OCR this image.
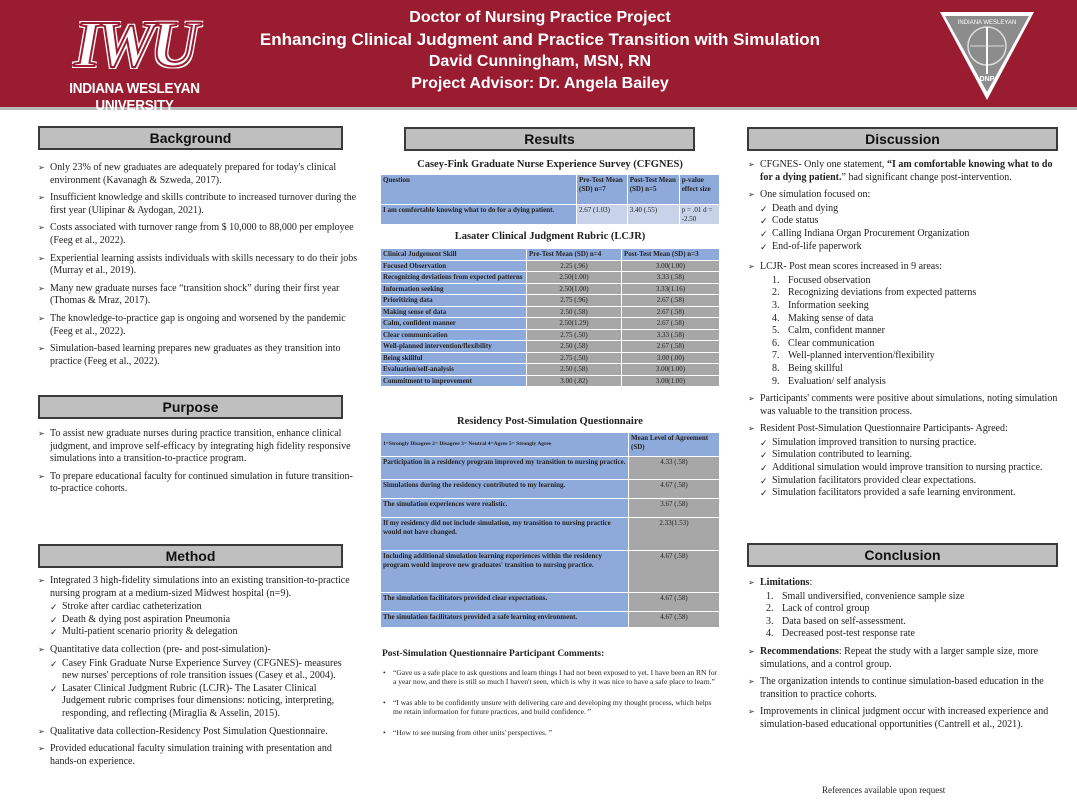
IWU
INDIANA WESLEYAN UNIVERSITY
Doctor of Nursing Practice Project
Enhancing Clinical Judgment and Practice Transition with Simulation
David Cunningham, MSN, RN
Project Advisor: Dr. Angela Bailey
INDIANA WESLEYAN
DNP
Background
➢ Only 23% of new graduates are adequately prepared for today's clinical environment (Kavanagh & Szweda, 2017).
➢ Insufficient knowledge and skills contribute to increased turnover during the first year (Ulipinar & Aydogan, 2021).
➢ Costs associated with turnover range from $ 10,000 to 88,000 per employee (Feeg et al., 2022).
➢ Experiential learning assists individuals with skills necessary to do their jobs (Murray et al., 2019).
➢ Many new graduate nurses face “transition shock” during their first year (Thomas & Mraz, 2017).
➢ The knowledge-to-practice gap is ongoing and worsened by the pandemic (Feeg et al., 2022).
➢ Simulation-based learning prepares new graduates as they transition into practice (Feeg et al., 2022).
Purpose
➢ To assist new graduate nurses during practice transition, enhance clinical judgment, and improve self-efficacy by integrating high fidelity responsive simulations into a transition-to-practice program.
➢ To prepare educational faculty for continued simulation in future transition-to-practice cohorts.
Method
➢ Integrated 3 high-fidelity simulations into an existing transition-to-practice nursing program at a medium-sized Midwest hospital (n=9).
✓ Stroke after cardiac catheterization
✓ Death & dying post aspiration Pneumonia
✓ Multi-patient scenario priority & delegation
➢ Quantitative data collection (pre- and post-simulation)-
✓ Casey Fink Graduate Nurse Experience Survey (CFGNES)- measures new nurses' perceptions of role transition issues (Casey et al., 2004).
✓ Lasater Clinical Judgment Rubric (LCJR)- The Lasater Clinical Judgement rubric comprises four dimensions: noticing, interpreting, responding, and reflecting (Miraglia & Asselin, 2015).
➢ Qualitative data collection-Residency Post Simulation Questionnaire.
➢ Provided educational faculty simulation training with presentation and hands-on experience.
Results
Casey-Fink Graduate Nurse Experience Survey (CFGNES)
Question	Pre-Test Mean (SD) n=7	Post-Test Mean (SD) n=5	p-value effect size
I am comfortable knowing what to do for a dying patient.	2.67 (1.03)	3.40 (.55)	p = .01 d = -2.50
Lasater Clinical Judgment Rubric (LCJR)
Clinical Judgement Skill	Pre-Test Mean (SD) n=4	Post-Test Mean (SD) n=3
Focused Observation	2.25 (.96)	3.00(1.00)
Recognizing deviations from expected patterns	2.50(1.00)	3.33 (.58)
Information seeking	2.50(1.00)	3.33(1.16)
Prioritizing data	2.75 (.96)	2.67 (.58)
Making sense of data	2.50 (.58)	2.67 (.58)
Calm, confident manner	2.50(1.29)	2.67 (.58)
Clear communication	2.75 (.50)	3.33 (.58)
Well-planned intervention/flexibility	2.50 (.58)	2.67 (.58)
Being skillful	2.75 (.50)	3.00 (.00)
Evaluation/self-analysis	2.50 (.58)	3.00(1.00)
Commitment to improvement	3.00 (.82)	3.00(1.00)
Residency Post-Simulation Questionnaire
1=Strongly Disagree 2= Disagree 3= Neutral 4=Agree 5= Strongly Agree	Mean Level of Agreement (SD)
Participation in a residency program improved my transition to nursing practice.	4.33 (.58)
Simulations during the residency contributed to my learning.	4.67 (.58)
The simulation experiences were realistic.	3.67 (.58)
If my residency did not include simulation, my transition to nursing practice would not have changed.	2.33(1.53)
Including additional simulation learning experiences within the residency program would improve new graduates' transition to nursing practice.	4.67 (.58)
The simulation facilitators provided clear expectations.	4.67 (.58)
The simulation facilitators provided a safe learning environment.	4.67 (.58)
Post-Simulation Questionnaire Participant Comments:
• “Gave us a safe place to ask questions and learn things I had not been exposed to yet. I have been an RN for a year now, and there is still so much I haven't seen, which is why it was nice to have a safe place to learn.”
• “I was able to be confidently unsure with delivering care and developing my thought process, which helps me retain information for future practices, and build confidence. ”
• “How to see nursing from other units' perspectives. ”
Discussion
➢ CFGNES- Only one statement, “I am comfortable knowing what to do for a dying patient.” had significant change post-intervention.
➢ One simulation focused on:
✓ Death and dying
✓ Code status
✓ Calling Indiana Organ Procurement Organization
✓ End-of-life paperwork
➢ LCJR- Post mean scores increased in 9 areas:
1. Focused observation
2. Recognizing deviations from expected patterns
3. Information seeking
4. Making sense of data
5. Calm, confident manner
6. Clear communication
7. Well-planned intervention/flexibility
8. Being skillful
9. Evaluation/ self analysis
➢ Participants' comments were positive about simulations, noting simulation was valuable to the transition process.
➢ Resident Post-Simulation Questionnaire Participants- Agreed:
✓ Simulation improved transition to nursing practice.
✓ Simulation contributed to learning.
✓ Additional simulation would improve transition to nursing practice.
✓ Simulation facilitators provided clear expectations.
✓ Simulation facilitators provided a safe learning environment.
Conclusion
➢ Limitations:
1. Small undiversified, convenience sample size
2. Lack of control group
3. Data based on self-assessment.
4. Decreased post-test response rate
➢ Recommendations: Repeat the study with a larger sample size, more simulations, and a control group.
➢ The organization intends to continue simulation-based education in the transition to practice cohorts.
➢ Improvements in clinical judgment occur with increased experience and simulation-based educational opportunities (Cantrell et al., 2021).
References available upon request
